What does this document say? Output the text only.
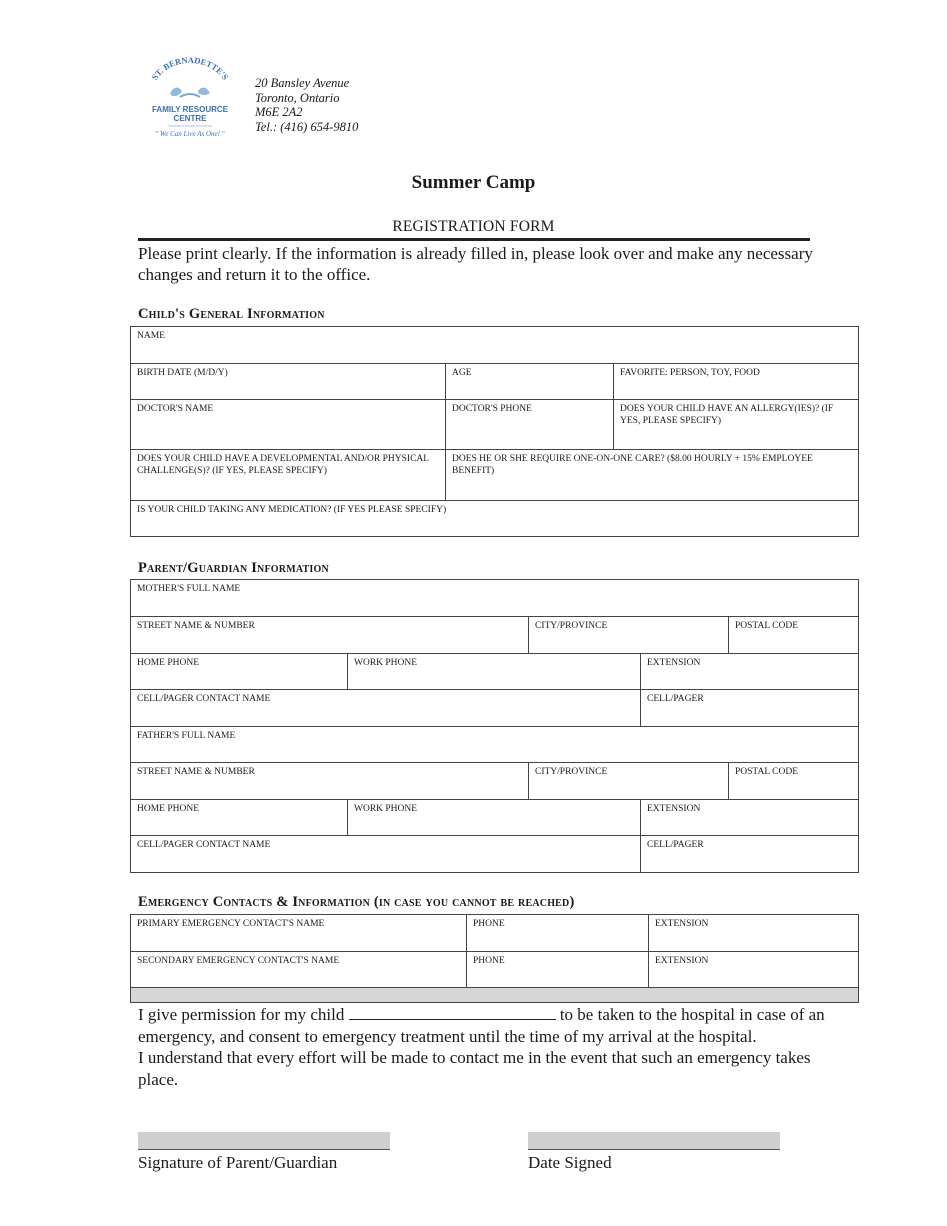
ST. BERNADETTE'S
FAMILY RESOURCE
CENTRE
" We Can Live As One! "
20 Bansley Avenue
Toronto, Ontario
M6E 2A2
Tel.: (416) 654-9810
Summer Camp
REGISTRATION FORM
Please print clearly. If the information is already filled in, please look over and make any necessary changes and return it to the office.
Child's General Information
NAME		
BIRTH DATE (M/D/Y)	AGE	FAVORITE: PERSON, TOY, FOOD
DOCTOR'S NAME	DOCTOR'S PHONE	DOES YOUR CHILD HAVE AN ALLERGY(IES)? (IF YES, PLEASE SPECIFY)
DOES YOUR CHILD HAVE A DEVELOPMENTAL AND/OR PHYSICAL CHALLENGE(S)? (IF YES, PLEASE SPECIFY)	DOES HE OR SHE REQUIRE ONE-ON-ONE CARE? ($8.00 HOURLY + 15% EMPLOYEE BENEFIT)	
IS YOUR CHILD TAKING ANY MEDICATION? (IF YES PLEASE SPECIFY)		
Parent/Guardian Information
MOTHER'S FULL NAME				
STREET NAME & NUMBER		CITY/PROVINCE		POSTAL CODE
HOME PHONE	WORK PHONE		EXTENSION	
CELL/PAGER CONTACT NAME			CELL/PAGER	
FATHER'S FULL NAME				
STREET NAME & NUMBER		CITY/PROVINCE		POSTAL CODE
HOME PHONE	WORK PHONE		EXTENSION	
CELL/PAGER CONTACT NAME			CELL/PAGER	
Emergency Contacts & Information (in case you cannot be reached)
PRIMARY EMERGENCY CONTACT'S NAME	PHONE	EXTENSION
SECONDARY EMERGENCY CONTACT'S NAME	PHONE	EXTENSION

I give permission for my child	to be taken to the hospital in case of an emergency, and consent to emergency treatment until the time of my arrival at the hospital.
I understand that every effort will be made to contact me in the event that such an emergency takes place.
Signature of Parent/Guardian	Date Signed
